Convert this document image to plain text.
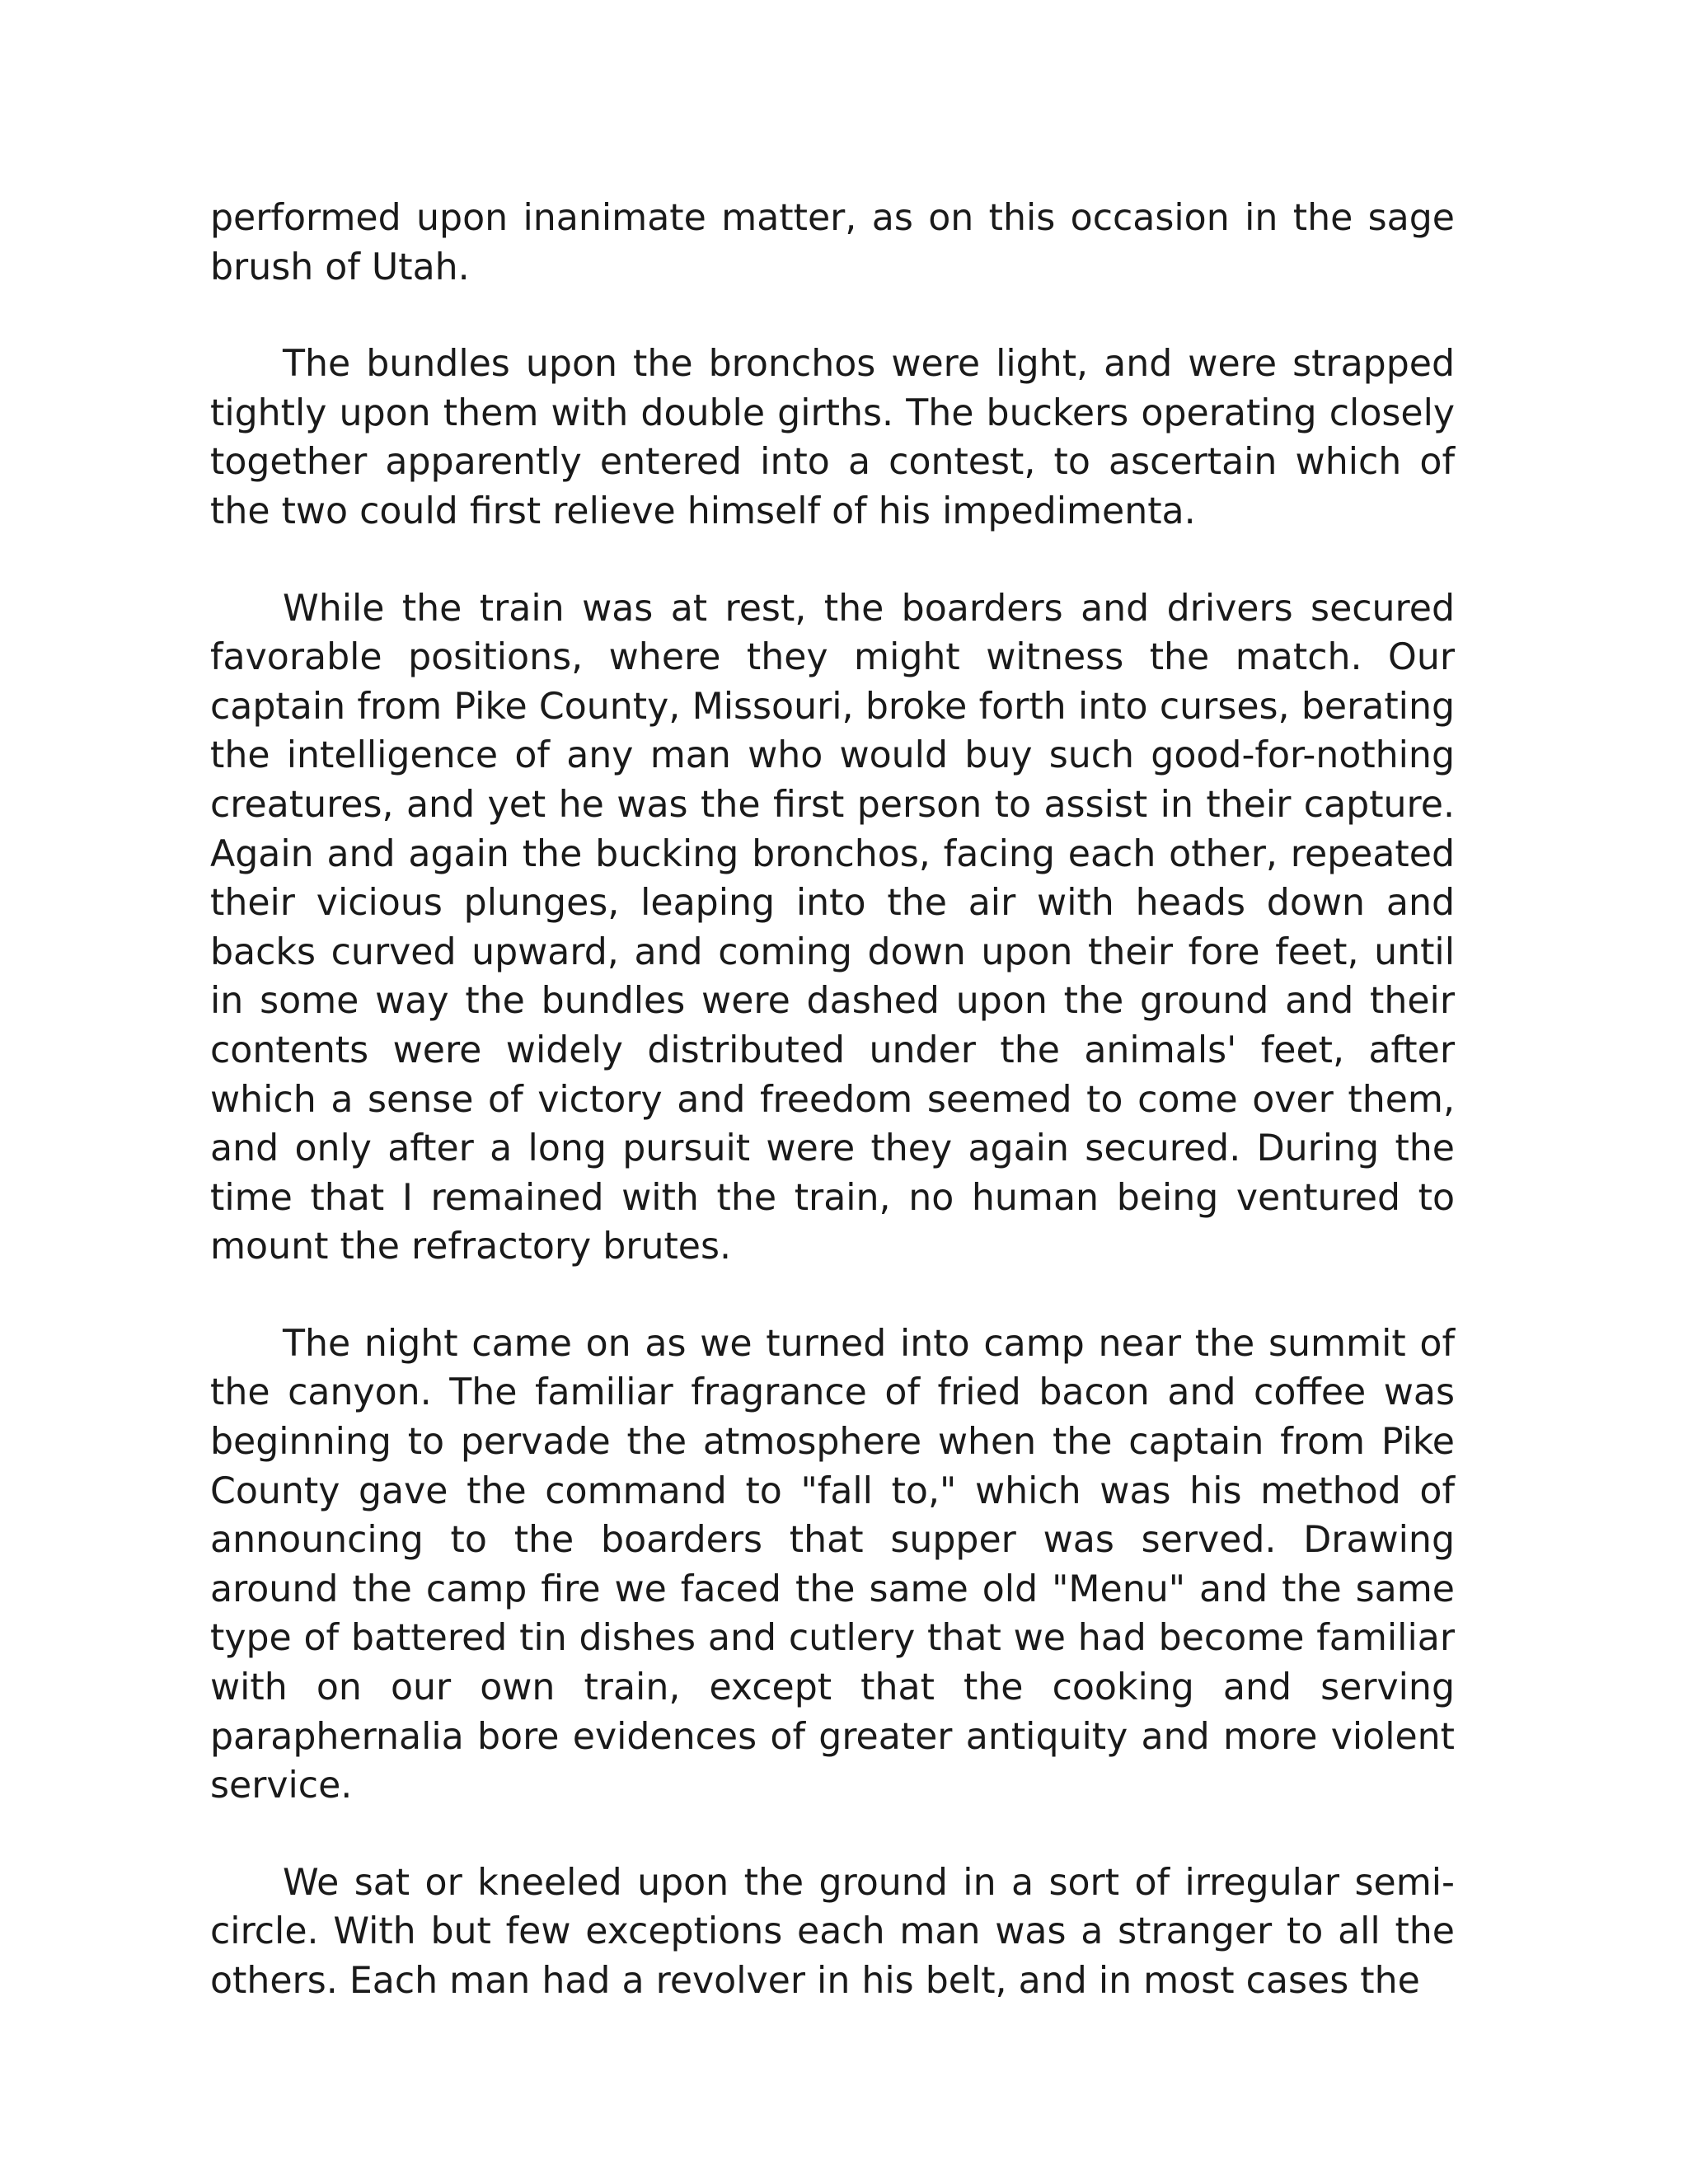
performed upon inanimate matter, as on this occasion in the sage brush of Utah.

The bundles upon the bronchos were light, and were strapped tightly upon them with double girths. The buckers operating closely together apparently entered into a contest, to ascertain which of the two could first relieve himself of his impedimenta.

While the train was at rest, the boarders and drivers secured favorable positions, where they might witness the match. Our captain from Pike County, Missouri, broke forth into curses, berating the intelligence of any man who would buy such good-for-nothing creatures, and yet he was the first person to assist in their capture. Again and again the bucking bronchos, facing each other, repeated their vicious plunges, leaping into the air with heads down and backs curved upward, and coming down upon their fore feet, until in some way the bundles were dashed upon the ground and their contents were widely distributed under the animals' feet, after which a sense of victory and freedom seemed to come over them, and only after a long pursuit were they again secured. During the time that I remained with the train, no human being ventured to mount the refractory brutes.

The night came on as we turned into camp near the summit of the canyon. The familiar fragrance of fried bacon and coffee was beginning to pervade the atmosphere when the captain from Pike County gave the command to "fall to," which was his method of announcing to the boarders that supper was served. Drawing around the camp fire we faced the same old "Menu" and the same type of battered tin dishes and cutlery that we had become familiar with on our own train, except that the cooking and serving paraphernalia bore evidences of greater antiquity and more violent service.

We sat or kneeled upon the ground in a sort of irregular semi-circle. With but few exceptions each man was a stranger to all the others. Each man had a revolver in his belt, and in most cases the
